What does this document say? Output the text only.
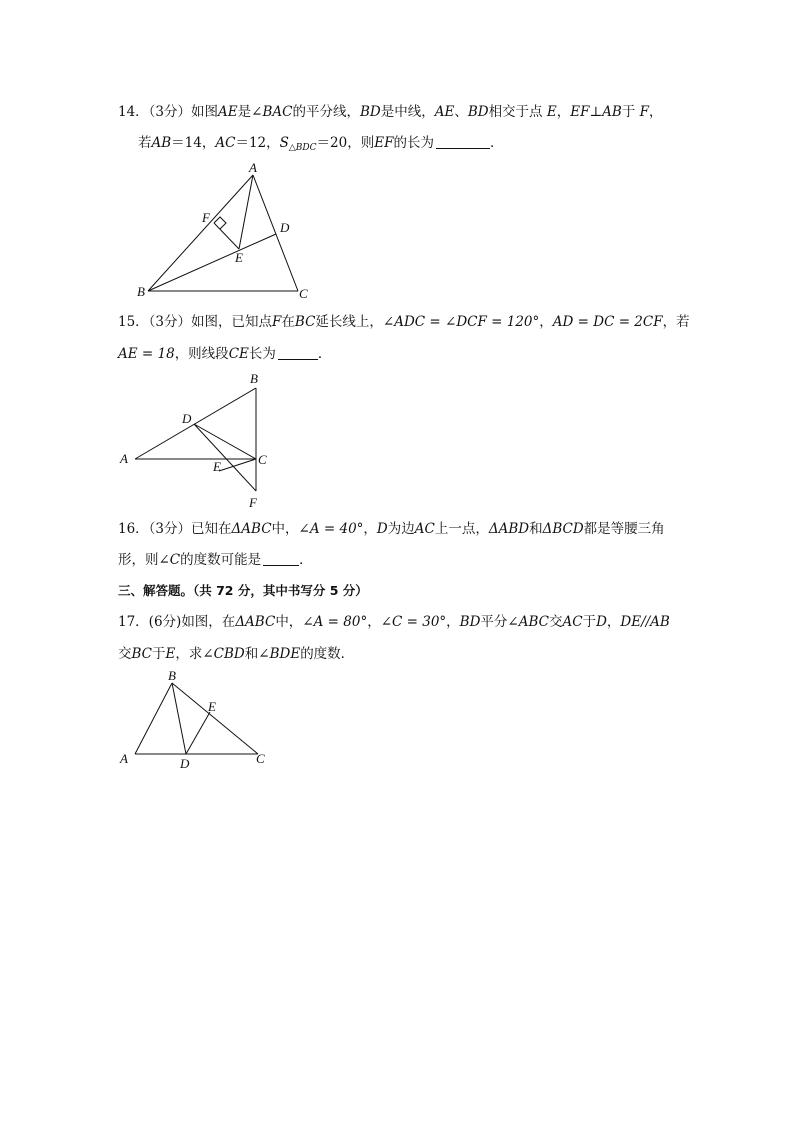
14．（3分）如图AE是∠BAC的平分线，BD是中线，AE、BD相交于点 E，EF⊥AB于 F，
若AB＝14，AC＝12，$S_{\triangle BDC}=20$，则EF的长为	．
A
B	C
D
E
F
15．（3分）如图，已知点F在BC延长线上，∠ADC = ∠DCF = 120°，AD = DC = 2CF，若
AE = 18，则线段CE长为	．
B
D
A	C
E
F
16．（3分）已知在ΔABC中，∠A = 40°，D为边AC上一点，ΔABD和ΔBCD都是等腰三角
形，则∠C的度数可能是	．
三、解答题。（共 72 分，其中书写分 5 分）
17．(6分)如图，在ΔABC中，∠A = 80°，∠C = 30°，BD平分∠ABC交AC于D，DE//AB
交BC于E，求∠CBD和∠BDE的度数．
B
E
A	D	C
